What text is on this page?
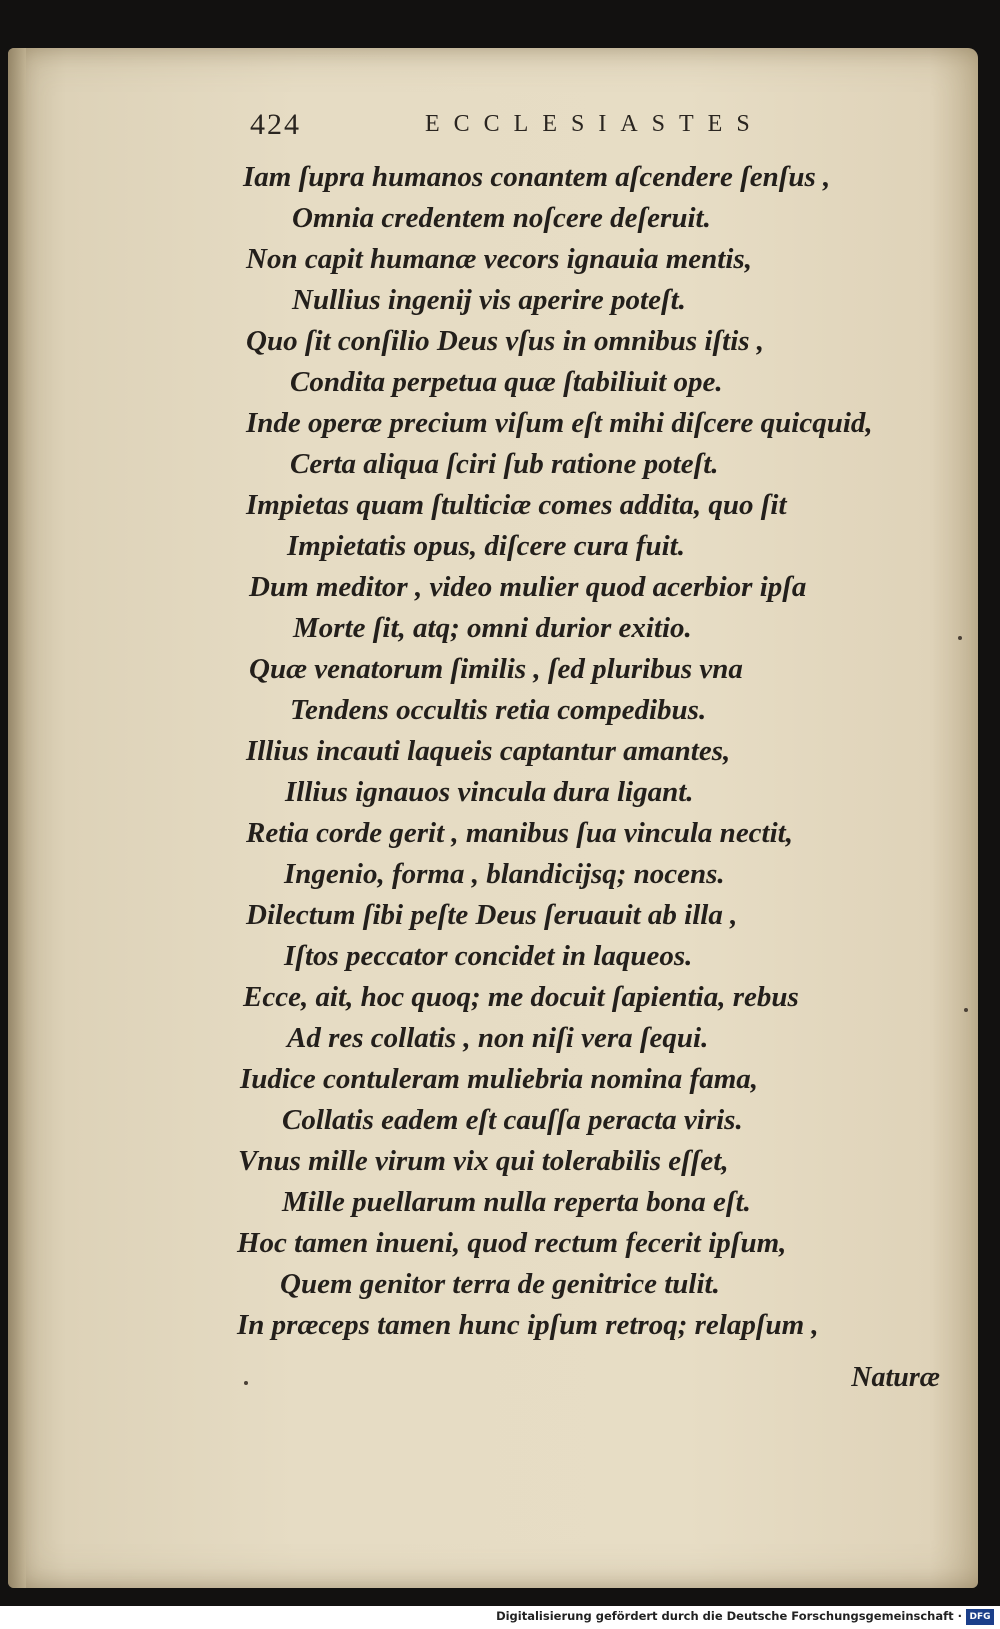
424	ECCLESIASTES
Iam ſupra humanos conantem aſcendere ſenſus ,
Omnia credentem noſcere deſeruit.
Non capit humanæ vecors ignauia mentis,
Nullius ingenij vis aperire poteſt.
Quo ſit conſilio Deus vſus in omnibus iſtis ,
Condita perpetua quæ ſtabiliuit ope.
Inde operæ precium viſum eſt mihi diſcere quicquid,
Certa aliqua ſciri ſub ratione poteſt.
Impietas quam ſtulticiæ comes addita, quo ſit
Impietatis opus, diſcere cura fuit.
Dum meditor , video mulier quod acerbior ipſa
Morte ſit, atq; omni durior exitio.
Quæ venatorum ſimilis , ſed pluribus vna
Tendens occultis retia compedibus.
Illius incauti laqueis captantur amantes,
Illius ignauos vincula dura ligant.
Retia corde gerit , manibus ſua vincula nectit,
Ingenio, forma , blandicijsq; nocens.
Dilectum ſibi peſte Deus ſeruauit ab illa ,
Iſtos peccator concidet in laqueos.
Ecce, ait, hoc quoq; me docuit ſapientia, rebus
Ad res collatis , non niſi vera ſequi.
Iudice contuleram muliebria nomina fama,
Collatis eadem eſt cauſſa peracta viris.
Vnus mille virum vix qui tolerabilis eſſet,
Mille puellarum nulla reperta bona eſt.
Hoc tamen inueni, quod rectum fecerit ipſum,
Quem genitor terra de genitrice tulit.
In præceps tamen hunc ipſum retroq; relapſum ,
Naturæ
Digitalisierung gefördert durch die Deutsche Forschungsgemeinschaft · DFG
